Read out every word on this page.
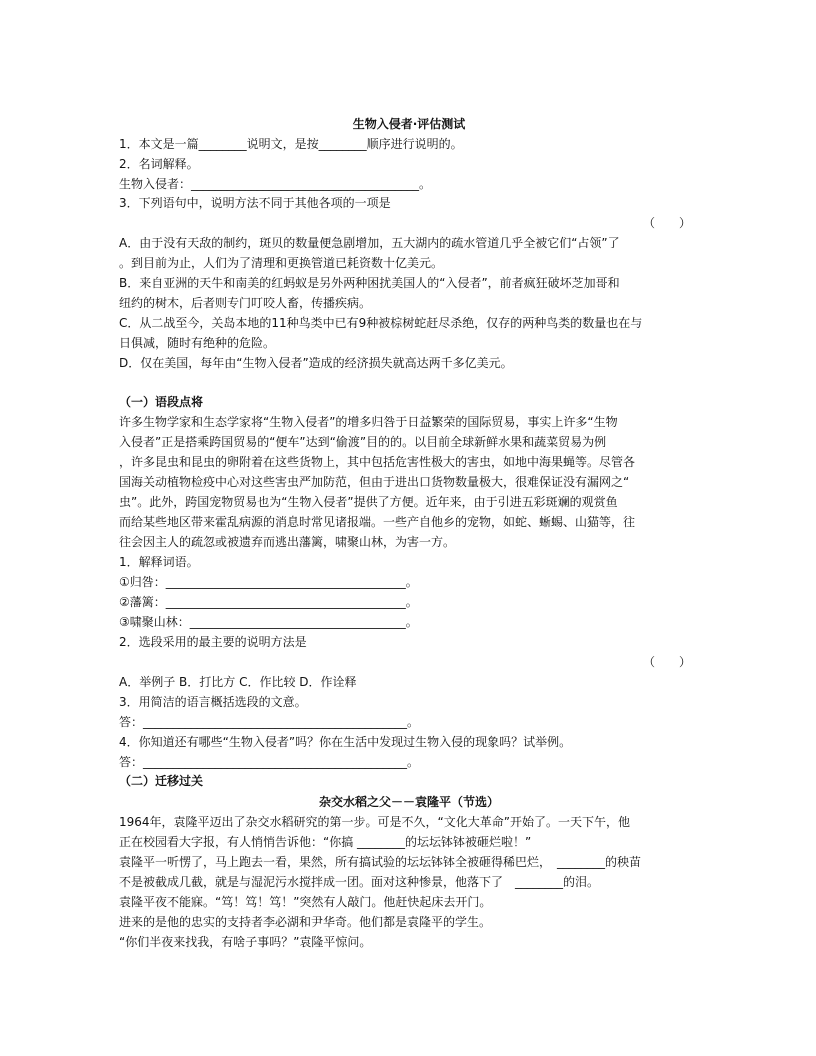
生物入侵者·评估测试
1．本文是一篇________说明文，是按________顺序进行说明的。
2．名词解释。
生物入侵者：______________________________________。
3．下列语句中，说明方法不同于其他各项的一项是
（　　）
A．由于没有天敌的制约，斑贝的数量便急剧增加，五大湖内的疏水管道几乎全被它们“占领”了
。到目前为止，人们为了清理和更换管道已耗资数十亿美元。
B．来自亚洲的天牛和南美的红蚂蚁是另外两种困扰美国人的“入侵者”，前者疯狂破坏芝加哥和
纽约的树木，后者则专门叮咬人畜，传播疾病。
C．从二战至今，关岛本地的11种鸟类中已有9种被棕树蛇赶尽杀绝，仅存的两种鸟类的数量也在与
日俱减，随时有绝种的危险。
D．仅在美国，每年由“生物入侵者”造成的经济损失就高达两千多亿美元。
（一）语段点将
许多生物学家和生态学家将“生物入侵者”的增多归咎于日益繁荣的国际贸易，事实上许多“生物
入侵者”正是搭乘跨国贸易的“便车”达到“偷渡”目的的。以目前全球新鲜水果和蔬菜贸易为例
，许多昆虫和昆虫的卵附着在这些货物上，其中包括危害性极大的害虫，如地中海果蝇等。尽管各
国海关动植物检疫中心对这些害虫严加防范，但由于进出口货物数量极大，很难保证没有漏网之“
虫”。此外，跨国宠物贸易也为“生物入侵者”提供了方便。近年来，由于引进五彩斑斓的观赏鱼
而给某些地区带来霍乱病源的消息时常见诸报端。一些产自他乡的宠物，如蛇、蜥蜴、山猫等，往
往会因主人的疏忽或被遗弃而逃出藩篱，啸聚山林，为害一方。
1．解释词语。
①归咎：________________________________________。
②藩篱：________________________________________。
③啸聚山林：____________________________________。
2．选段采用的最主要的说明方法是
（　　）
A．举例子 B．打比方 C．作比较 D．作诠释
3．用简洁的语言概括选段的文意。
答：____________________________________________。
4．你知道还有哪些“生物入侵者”吗？你在生活中发现过生物入侵的现象吗？试举例。
答：____________________________________________。
（二）迁移过关
杂交水稻之父－－袁隆平（节选）
1964年，袁隆平迈出了杂交水稻研究的第一步。可是不久，“文化大革命”开始了。一天下午，他
正在校园看大字报，有人悄悄告诉他：“你搞 ________的坛坛钵钵被砸烂啦！”
袁隆平一听愣了，马上跑去一看，果然，所有搞试验的坛坛钵钵全被砸得稀巴烂，　________的秧苗
不是被截成几截，就是与湿泥污水搅拌成一团。面对这种惨景，他落下了　________的泪。
袁隆平夜不能寐。“笃！笃！笃！”突然有人敲门。他赶快起床去开门。
进来的是他的忠实的支持者李必湖和尹华奇。他们都是袁隆平的学生。
“你们半夜来找我，有啥子事吗？”袁隆平惊问。
